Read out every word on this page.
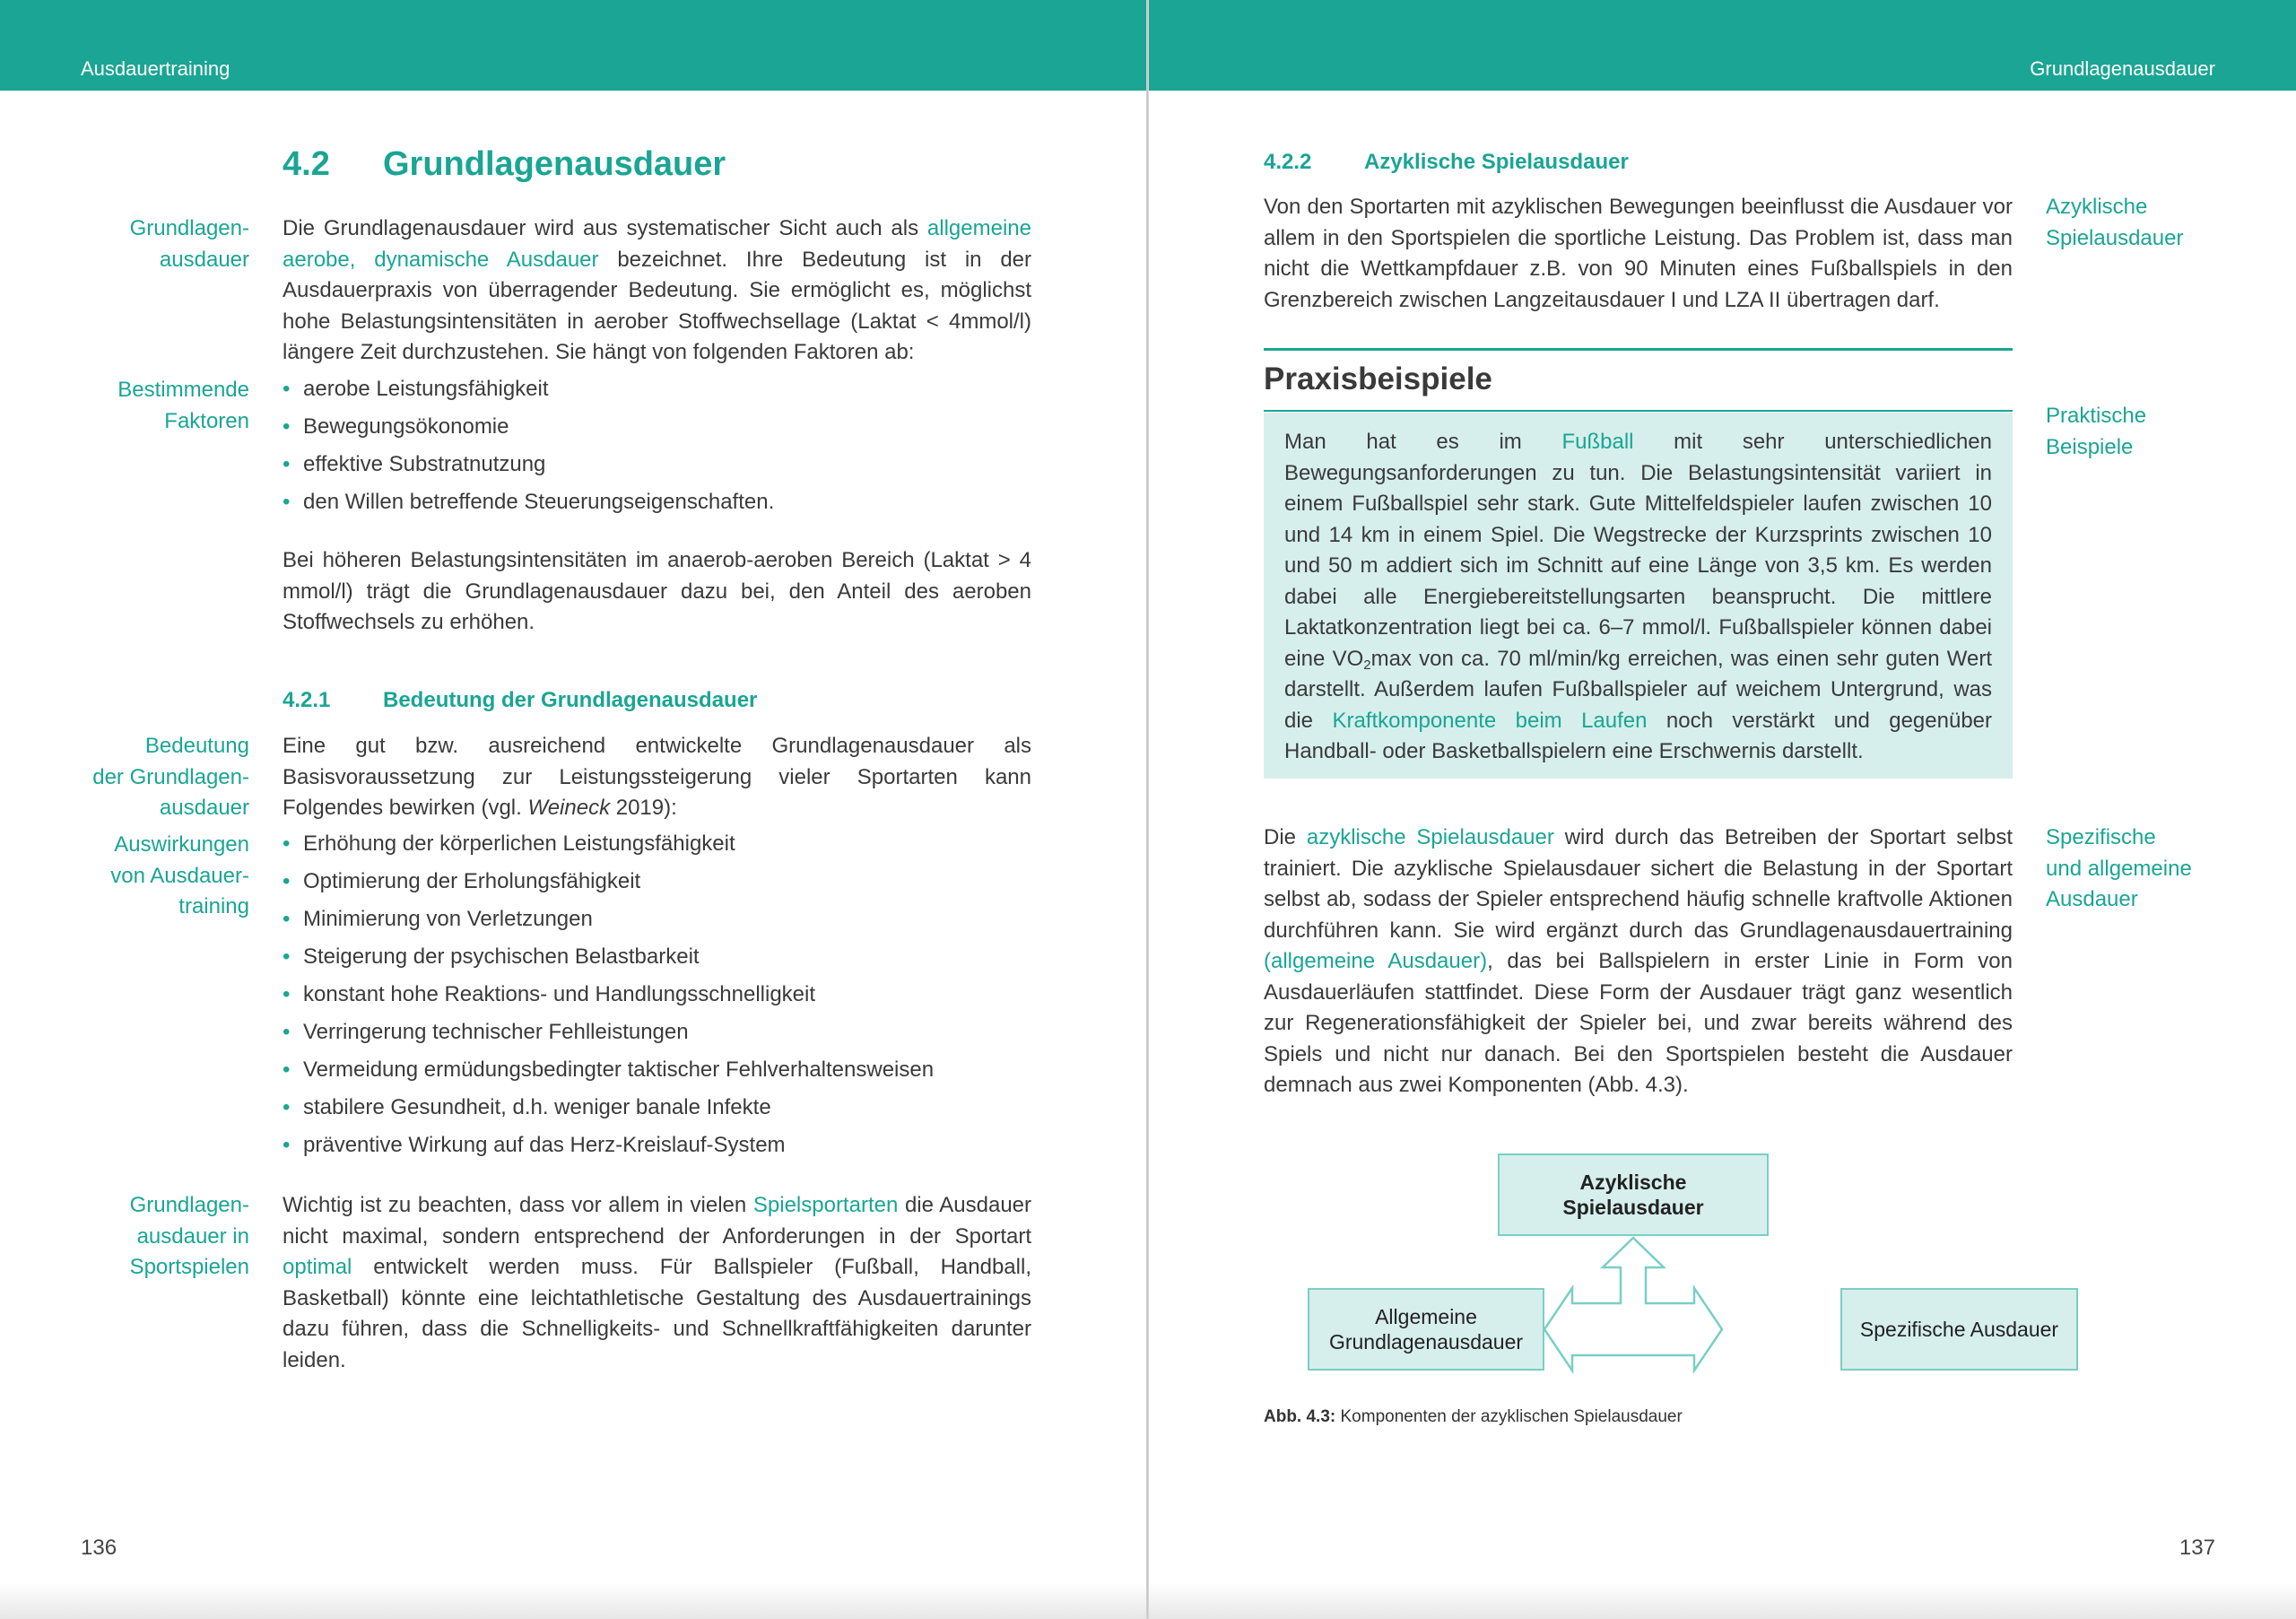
Ausdauertraining
4.2 Grundlagenausdauer
Grundlagen-
ausdauer
Bestimmende
Faktoren
Bedeutung
der Grundlagen-
ausdauer
Auswirkungen
von Ausdauer-
training
Grundlagen-
ausdauer in
Sportspielen

Die Grundlagenausdauer wird aus systematischer Sicht auch als allgemeine aerobe, dynamische Ausdauer bezeichnet. Ihre Bedeutung ist in der Ausdauerpraxis von überragender Bedeutung. Sie ermöglicht es, möglichst hohe Belastungsintensitäten in aerober Stoffwechsellage (Laktat < 4mmol/l) längere Zeit durchzustehen. Sie hängt von folgenden Faktoren ab:

• aerobe Leistungsfähigkeit
• Bewegungsökonomie
• effektive Substratnutzung
• den Willen betreffende Steuerungseigenschaften.

Bei höheren Belastungsintensitäten im anaerob-aeroben Bereich (Laktat > 4 mmol/l) trägt die Grundlagenausdauer dazu bei, den Anteil des aeroben Stoffwechsels zu erhöhen.

4.2.1 Bedeutung der Grundlagenausdauer

Eine gut bzw. ausreichend entwickelte Grundlagenausdauer als Basisvoraussetzung zur Leistungssteigerung vieler Sportarten kann Folgendes bewirken (vgl. Weineck 2019):

• Erhöhung der körperlichen Leistungsfähigkeit
• Optimierung der Erholungsfähigkeit
• Minimierung von Verletzungen
• Steigerung der psychischen Belastbarkeit
• konstant hohe Reaktions- und Handlungsschnelligkeit
• Verringerung technischer Fehlleistungen
• Vermeidung ermüdungsbedingter taktischer Fehlverhaltensweisen
• stabilere Gesundheit, d.h. weniger banale Infekte
• präventive Wirkung auf das Herz-Kreislauf-System

Wichtig ist zu beachten, dass vor allem in vielen Spielsportarten die Ausdauer nicht maximal, sondern entsprechend der Anforderungen in der Sportart optimal entwickelt werden muss. Für Ballspieler (Fußball, Handball, Basketball) könnte eine leichtathletische Gestaltung des Ausdauertrainings dazu führen, dass die Schnelligkeits- und Schnellkraftfähigkeiten darunter leiden.

136
Grundlagenausdauer
4.2.2 Azyklische Spielausdauer
Azyklische
Spielausdauer
Praktische
Beispiele
Spezifische
und allgemeine
Ausdauer

Von den Sportarten mit azyklischen Bewegungen beeinflusst die Ausdauer vor allem in den Sportspielen die sportliche Leistung. Das Problem ist, dass man nicht die Wettkampfdauer z.B. von 90 Minuten eines Fußballspiels in den Grenzbereich zwischen Langzeitausdauer I und LZA II übertragen darf.

Praxisbeispiele
Man hat es im Fußball mit sehr unterschiedlichen Bewegungsanforderungen zu tun. Die Belastungsintensität variiert in einem Fußballspiel sehr stark. Gute Mittelfeldspieler laufen zwischen 10 und 14 km in einem Spiel. Die Wegstrecke der Kurzsprints zwischen 10 und 50 m addiert sich im Schnitt auf eine Länge von 3,5 km. Es werden dabei alle Energiebereitstellungsarten beansprucht. Die mittlere Laktatkonzentration liegt bei ca. 6–7 mmol/l. Fußballspieler können dabei eine $VO_2\max$ von ca. 70 ml/min/kg erreichen, was einen sehr guten Wert darstellt. Außerdem laufen Fußballspieler auf weichem Untergrund, was die Kraftkomponente beim Laufen noch verstärkt und gegenüber Handball- oder Basketballspielern eine Erschwernis darstellt.

Die azyklische Spielausdauer wird durch das Betreiben der Sportart selbst trainiert. Die azyklische Spielausdauer sichert die Belastung in der Sportart selbst ab, sodass der Spieler entsprechend häufig schnelle kraftvolle Aktionen durchführen kann. Sie wird ergänzt durch das Grundlagenausdauertraining (allgemeine Ausdauer), das bei Ballspielern in erster Linie in Form von Ausdauerläufen stattfindet. Diese Form der Ausdauer trägt ganz wesentlich zur Regenerationsfähigkeit der Spieler bei, und zwar bereits während des Spiels und nicht nur danach. Bei den Sportspielen besteht die Ausdauer demnach aus zwei Komponenten (Abb. 4.3).

Azyklische
Spielausdauer
Allgemeine
Grundlagenausdauer
Spezifische Ausdauer
Abb. 4.3: Komponenten der azyklischen Spielausdauer
137
